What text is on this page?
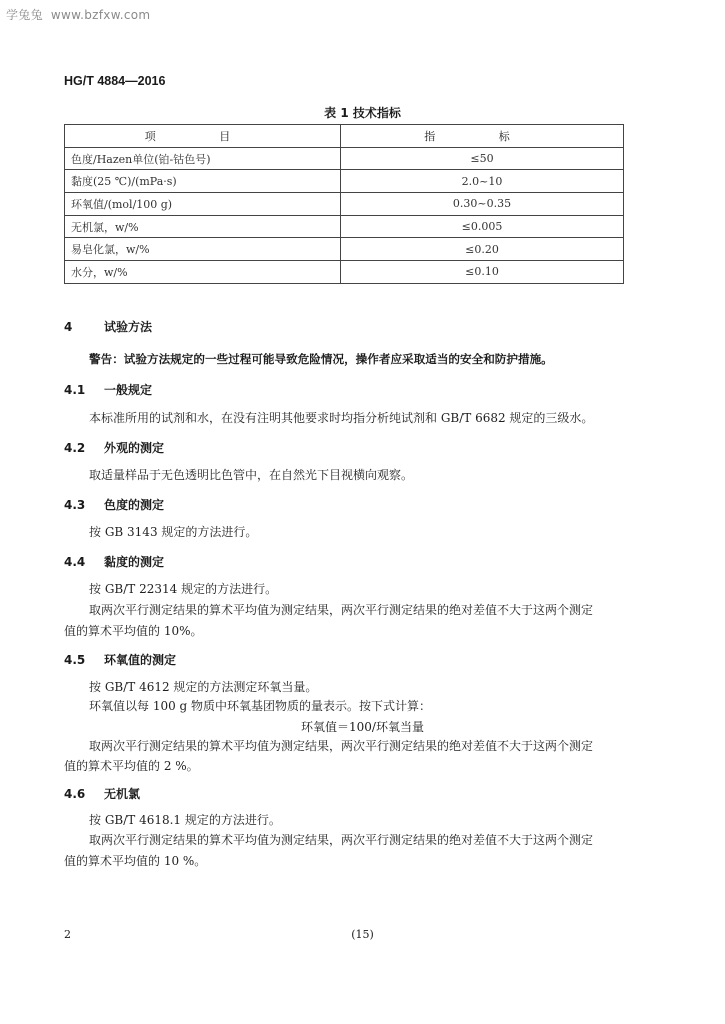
学兔兔 www.bzfxw.com
HG/T 4884—2016
表 1 技术指标
项 目	指 标
色度/Hazen单位(铂-钴色号)	≤50
黏度(25 ℃)/(mPa·s)	2.0~10
环氧值/(mol/100 g)	0.30~0.35
无机氯，w/%	≤0.005
易皂化氯，w/%	≤0.20
水分，w/%	≤0.10
4	试验方法
警告：试验方法规定的一些过程可能导致危险情况，操作者应采取适当的安全和防护措施。
4.1 一般规定
本标准所用的试剂和水，在没有注明其他要求时均指分析纯试剂和 GB/T 6682 规定的三级水。
4.2 外观的测定
取适量样品于无色透明比色管中，在自然光下目视横向观察。
4.3 色度的测定
按 GB 3143 规定的方法进行。
4.4 黏度的测定
按 GB/T 22314 规定的方法进行。
取两次平行测定结果的算术平均值为测定结果，两次平行测定结果的绝对差值不大于这两个测定
值的算术平均值的 10%。
4.5 环氧值的测定
按 GB/T 4612 规定的方法测定环氧当量。
环氧值以每 100 g 物质中环氧基团物质的量表示。按下式计算：
环氧值＝100/环氧当量
取两次平行测定结果的算术平均值为测定结果，两次平行测定结果的绝对差值不大于这两个测定
值的算术平均值的 2 %。
4.6 无机氯
按 GB/T 4618.1 规定的方法进行。
取两次平行测定结果的算术平均值为测定结果，两次平行测定结果的绝对差值不大于这两个测定
值的算术平均值的 10 %。
2	(15)
